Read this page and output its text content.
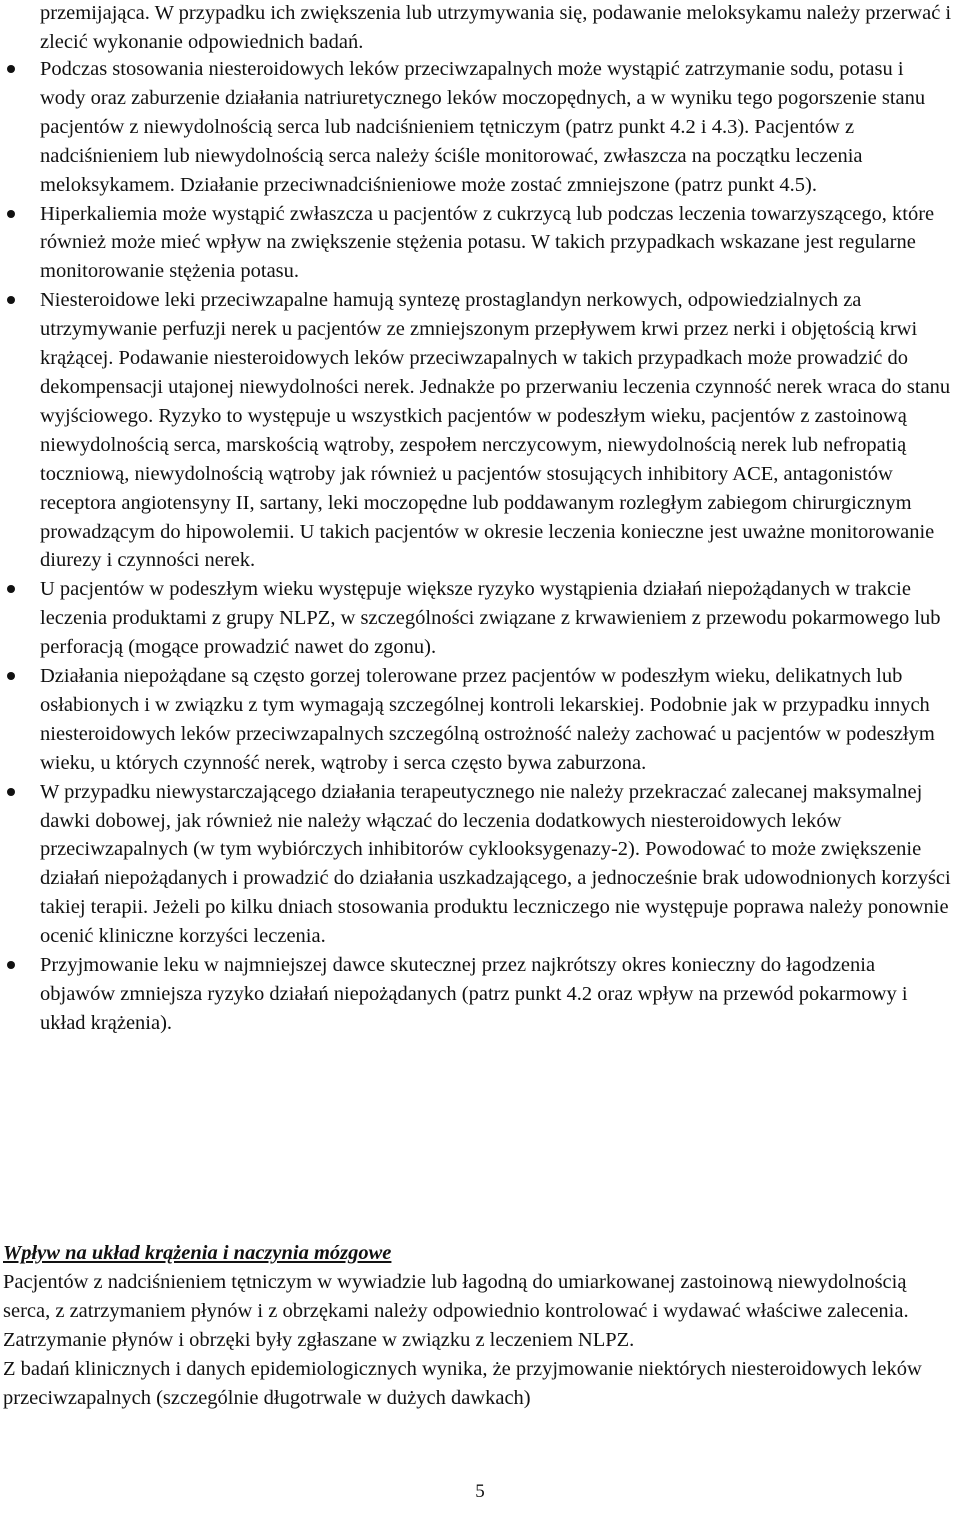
przemijająca. W przypadku ich zwiększenia lub utrzymywania się, podawanie meloksykamu należy przerwać i zlecić wykonanie odpowiednich badań.

Podczas stosowania niesteroidowych leków przeciwzapalnych może wystąpić zatrzymanie sodu, potasu i wody oraz zaburzenie działania natriuretycznego leków moczopędnych, a w wyniku tego pogorszenie stanu pacjentów z niewydolnością serca lub nadciśnieniem tętniczym (patrz punkt 4.2 i 4.3). Pacjentów z nadciśnieniem lub niewydolnością serca należy ściśle monitorować, zwłaszcza na początku leczenia meloksykamem. Działanie przeciwnadciśnieniowe może zostać zmniejszone (patrz punkt 4.5).
Hiperkaliemia może wystąpić zwłaszcza u pacjentów z cukrzycą lub podczas leczenia towarzyszącego, które również może mieć wpływ na zwiększenie stężenia potasu. W takich przypadkach wskazane jest regularne monitorowanie stężenia potasu.
Niesteroidowe leki przeciwzapalne hamują syntezę prostaglandyn nerkowych, odpowiedzialnych za utrzymywanie perfuzji nerek u pacjentów ze zmniejszonym przepływem krwi przez nerki i objętością krwi krążącej. Podawanie niesteroidowych leków przeciwzapalnych w takich przypadkach może prowadzić do dekompensacji utajonej niewydolności nerek. Jednakże po przerwaniu leczenia czynność nerek wraca do stanu wyjściowego. Ryzyko to występuje u wszystkich pacjentów w podeszłym wieku, pacjentów z zastoinową niewydolnością serca, marskością wątroby, zespołem nerczycowym, niewydolnością nerek lub nefropatią toczniową, niewydolnością wątroby jak również u pacjentów stosujących inhibitory ACE, antagonistów receptora angiotensyny II, sartany, leki moczopędne lub poddawanym rozległym zabiegom chirurgicznym prowadzącym do hipowolemii. U takich pacjentów w okresie leczenia konieczne jest uważne monitorowanie diurezy i czynności nerek.
U pacjentów w podeszłym wieku występuje większe ryzyko wystąpienia działań niepożądanych w trakcie leczenia produktami z grupy NLPZ, w szczególności związane z krwawieniem z przewodu pokarmowego lub perforacją (mogące prowadzić nawet do zgonu).
Działania niepożądane są często gorzej tolerowane przez pacjentów w podeszłym wieku, delikatnych lub osłabionych i w związku z tym wymagają szczególnej kontroli lekarskiej. Podobnie jak w przypadku innych niesteroidowych leków przeciwzapalnych szczególną ostrożność należy zachować u pacjentów w podeszłym wieku, u których czynność nerek, wątroby i serca często bywa zaburzona.
W przypadku niewystarczającego działania terapeutycznego nie należy przekraczać zalecanej maksymalnej dawki dobowej, jak również nie należy włączać do leczenia dodatkowych niesteroidowych leków przeciwzapalnych (w tym wybiórczych inhibitorów cyklooksygenazy-2). Powodować to może zwiększenie działań niepożądanych i prowadzić do działania uszkadzającego, a jednocześnie brak udowodnionych korzyści takiej terapii. Jeżeli po kilku dniach stosowania produktu leczniczego nie występuje poprawa należy ponownie ocenić kliniczne korzyści leczenia.
Przyjmowanie leku w najmniejszej dawce skutecznej przez najkrótszy okres konieczny do łagodzenia objawów zmniejsza ryzyko działań niepożądanych (patrz punkt 4.2 oraz wpływ na przewód pokarmowy i układ krążenia).

Wpływ na układ krążenia i naczynia mózgowe

Pacjentów z nadciśnieniem tętniczym w wywiadzie lub łagodną do umiarkowanej zastoinową niewydolnością serca, z zatrzymaniem płynów i z obrzękami należy odpowiednio kontrolować i wydawać właściwe zalecenia. Zatrzymanie płynów i obrzęki były zgłaszane w związku z leczeniem NLPZ.

Z badań klinicznych i danych epidemiologicznych wynika, że przyjmowanie niektórych niesteroidowych leków przeciwzapalnych (szczególnie długotrwale w dużych dawkach)

5
